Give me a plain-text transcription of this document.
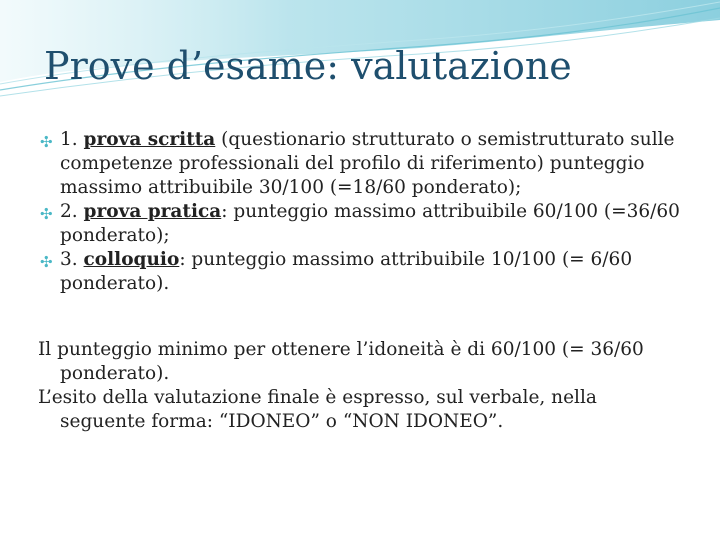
Prove d’esame: valutazione
✣ 1. prova scritta (questionario strutturato o semistrutturato sulle competenze professionali del profilo di riferimento) punteggio massimo attribuibile 30/100 (=18/60 ponderato);
✣ 2. prova pratica: punteggio massimo attribuibile 60/100 (=36/60 ponderato);
✣ 3. colloquio: punteggio massimo attribuibile 10/100 (= 6/60 ponderato).
Il punteggio minimo per ottenere l’idoneità è di 60/100 (= 36/60 ponderato).
L’esito della valutazione finale è espresso, sul verbale, nella seguente forma: “IDONEO” o “NON IDONEO”.
